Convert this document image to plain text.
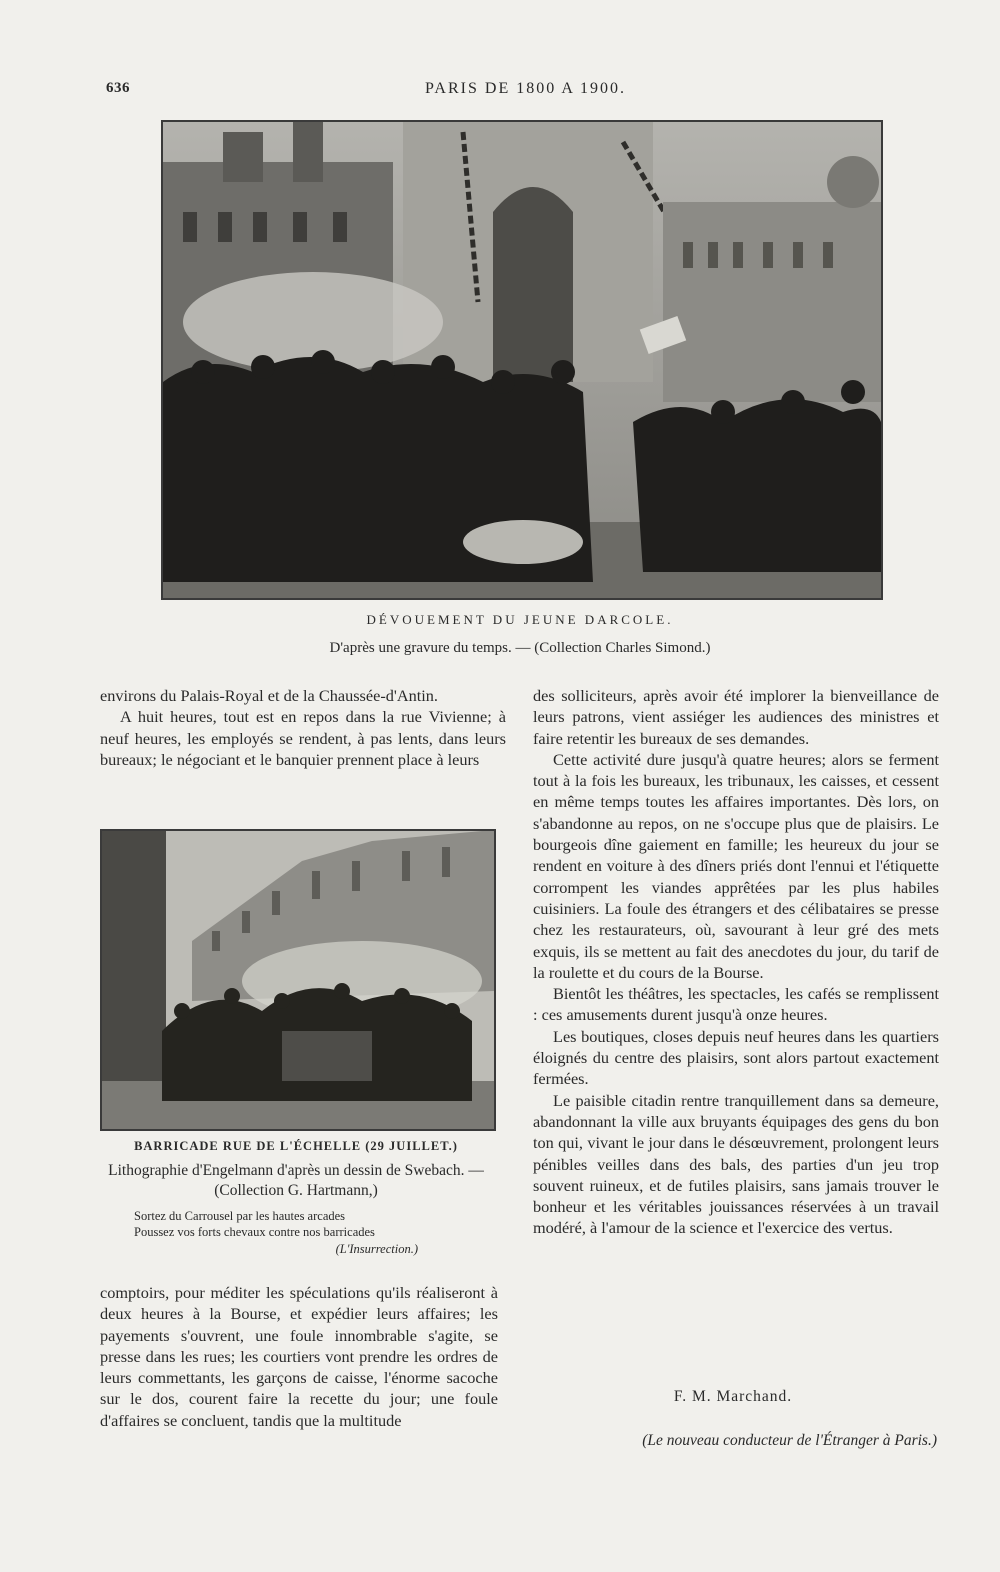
636	PARIS DE 1800 A 1900.
DÉVOUEMENT DU JEUNE DARCOLE.
D'après une gravure du temps. — (Collection Charles Simond.)

environs du Palais-Royal et de la Chaussée-d'Antin.

A huit heures, tout est en repos dans la rue Vivienne; à neuf heures, les employés se rendent, à pas lents, dans leurs bureaux; le négociant et le banquier prennent place à leurs

BARRICADE RUE DE L'ÉCHELLE (29 JUILLET.)
Lithographie d'Engelmann d'après un dessin de Swebach. — (Collection G. Hartmann,)
Sortez du Carrousel par les hautes arcades
Poussez vos forts chevaux contre nos barricades
(L'Insurrection.)

comptoirs, pour méditer les spéculations qu'ils réaliseront à deux heures à la Bourse, et expédier leurs affaires; les payements s'ouvrent, une foule innombrable s'agite, se presse dans les rues; les courtiers vont prendre les ordres de leurs commettants, les garçons de caisse, l'énorme sacoche sur le dos, courent faire la recette du jour; une foule d'affaires se concluent, tandis que la multitude

des solliciteurs, après avoir été implorer la bienveillance de leurs patrons, vient assiéger les audiences des ministres et faire retentir les bureaux de ses demandes.

Cette activité dure jusqu'à quatre heures; alors se ferment tout à la fois les bureaux, les tribunaux, les caisses, et cessent en même temps toutes les affaires importantes. Dès lors, on s'abandonne au repos, on ne s'occupe plus que de plaisirs. Le bourgeois dîne gaiement en famille; les heureux du jour se rendent en voiture à des dîners priés dont l'ennui et l'étiquette corrompent les viandes apprêtées par les plus habiles cuisiniers. La foule des étrangers et des célibataires se presse chez les restaurateurs, où, savourant à leur gré des mets exquis, ils se mettent au fait des anecdotes du jour, du tarif de la roulette et du cours de la Bourse.

Bientôt les théâtres, les spectacles, les cafés se remplissent : ces amusements durent jusqu'à onze heures.

Les boutiques, closes depuis neuf heures dans les quartiers éloignés du centre des plaisirs, sont alors partout exactement fermées.

Le paisible citadin rentre tranquillement dans sa demeure, abandonnant la ville aux bruyants équipages des gens du bon ton qui, vivant le jour dans le désœuvrement, prolongent leurs pénibles veilles dans des bals, des parties d'un jeu trop souvent ruineux, et de futiles plaisirs, sans jamais trouver le bonheur et les véritables jouissances réservées à un travail modéré, à l'amour de la science et l'exercice des vertus.

F. M. Marchand.
(Le nouveau conducteur de l'Étranger à Paris.)
